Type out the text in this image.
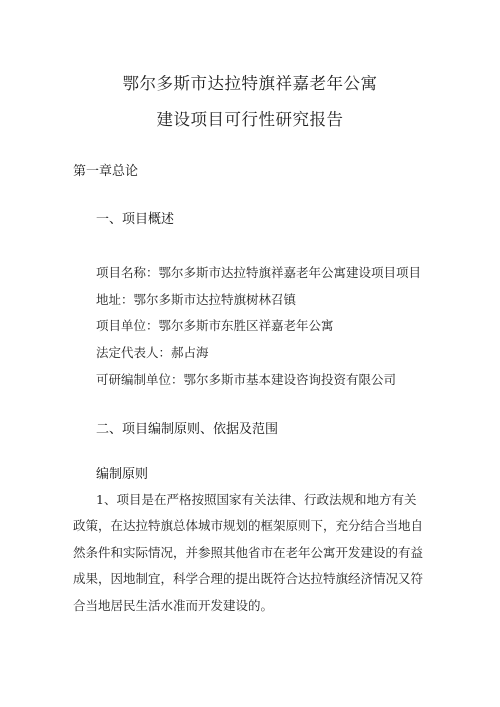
鄂尔多斯市达拉特旗祥嘉老年公寓
建设项目可行性研究报告
第一章总论
一、项目概述
项目名称：鄂尔多斯市达拉特旗祥嘉老年公寓建设项目项目
地址：鄂尔多斯市达拉特旗树林召镇
项目单位：鄂尔多斯市东胜区祥嘉老年公寓
法定代表人：郝占海
可研编制单位：鄂尔多斯市基本建设咨询投资有限公司
二、项目编制原则、依据及范围
编制原则
1、项目是在严格按照国家有关法律、行政法规和地方有关
政策，在达拉特旗总体城市规划的框架原则下，充分结合当地自
然条件和实际情况，并参照其他省市在老年公寓开发建设的有益
成果，因地制宜，科学合理的提出既符合达拉特旗经济情况又符
合当地居民生活水准而开发建设的。
